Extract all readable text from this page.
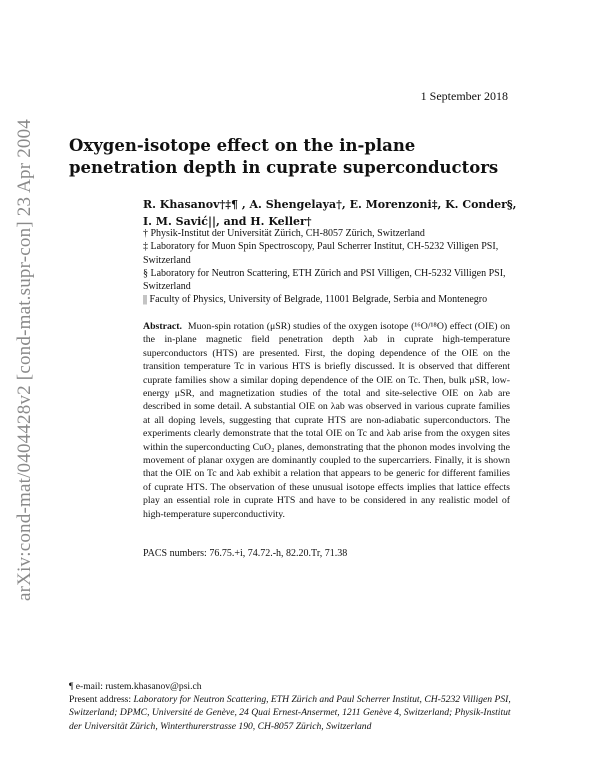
arXiv:cond-mat/0404428v2 [cond-mat.supr-con] 23 Apr 2004
1 September 2018
Oxygen-isotope effect on the in-plane penetration depth in cuprate superconductors
R. Khasanov†‡¶ , A. Shengelaya†, E. Morenzoni‡, K. Conder§,
I. M. Savić||, and H. Keller†
† Physik-Institut der Universität Zürich, CH-8057 Zürich, Switzerland
‡ Laboratory for Muon Spin Spectroscopy, Paul Scherrer Institut, CH-5232 Villigen PSI, Switzerland
§ Laboratory for Neutron Scattering, ETH Zürich and PSI Villigen, CH-5232 Villigen PSI, Switzerland
|| Faculty of Physics, University of Belgrade, 11001 Belgrade, Serbia and Montenegro
Abstract. Muon-spin rotation (μSR) studies of the oxygen isotope (¹⁶O/¹⁸O) effect (OIE) on the in-plane magnetic field penetration depth λab in cuprate high-temperature superconductors (HTS) are presented. First, the doping dependence of the OIE on the transition temperature Tc in various HTS is briefly discussed. It is observed that different cuprate families show a similar doping dependence of the OIE on Tc. Then, bulk μSR, low-energy μSR, and magnetization studies of the total and site-selective OIE on λab are described in some detail. A substantial OIE on λab was observed in various cuprate families at all doping levels, suggesting that cuprate HTS are non-adiabatic superconductors. The experiments clearly demonstrate that the total OIE on Tc and λab arise from the oxygen sites within the superconducting CuO₂ planes, demonstrating that the phonon modes involving the movement of planar oxygen are dominantly coupled to the supercarriers. Finally, it is shown that the OIE on Tc and λab exhibit a relation that appears to be generic for different families of cuprate HTS. The observation of these unusual isotope effects implies that lattice effects play an essential role in cuprate HTS and have to be considered in any realistic model of high-temperature superconductivity.
PACS numbers: 76.75.+i, 74.72.-h, 82.20.Tr, 71.38
¶ e-mail: rustem.khasanov@psi.ch
Present address: Laboratory for Neutron Scattering, ETH Zürich and Paul Scherrer Institut, CH-5232 Villigen PSI, Switzerland; DPMC, Université de Genève, 24 Quai Ernest-Ansermet, 1211 Genève 4, Switzerland; Physik-Institut der Universität Zürich, Winterthurerstrasse 190, CH-8057 Zürich, Switzerland
